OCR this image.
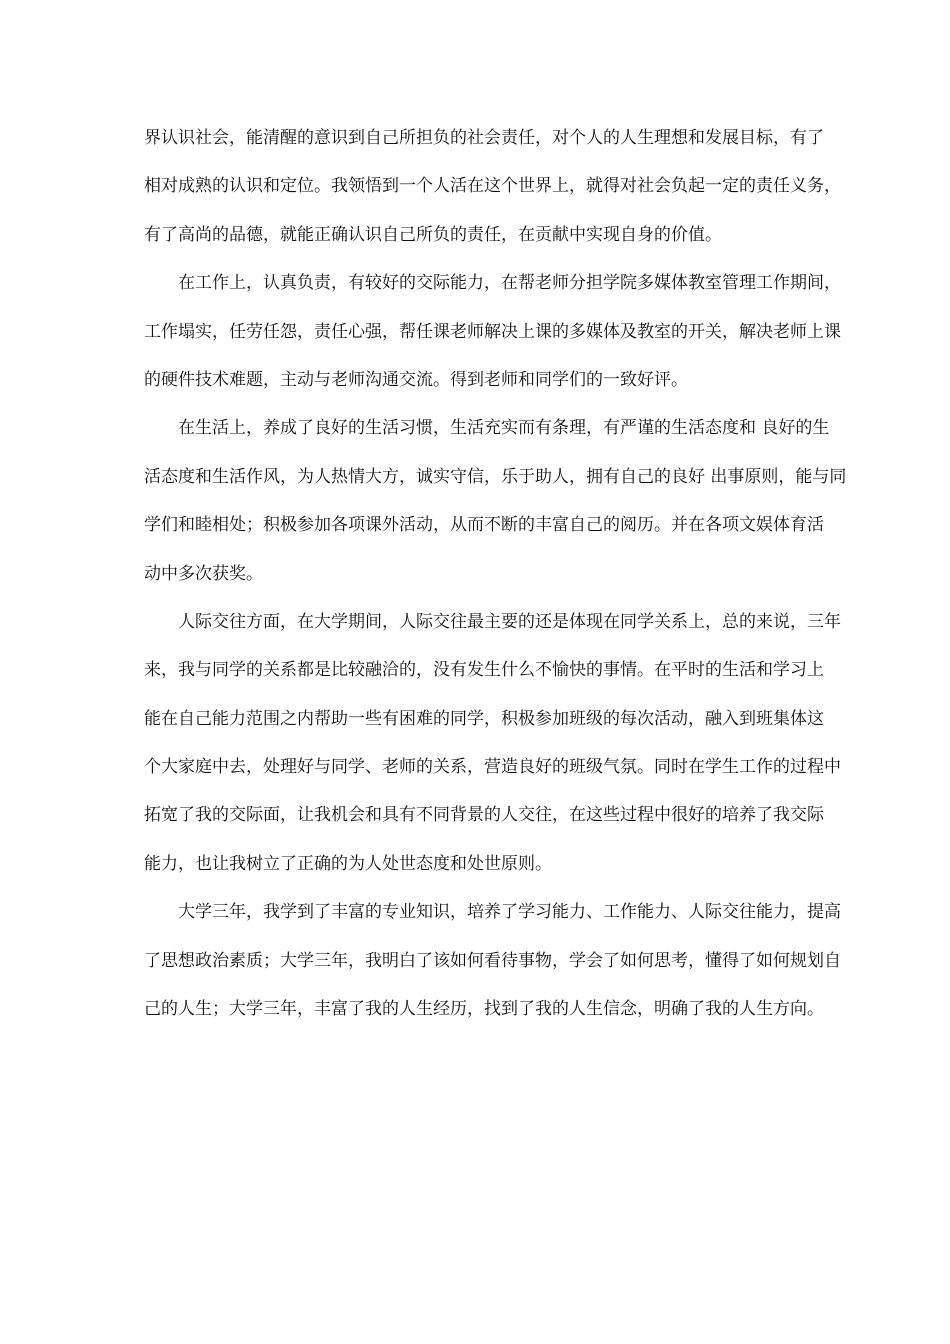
界认识社会，能清醒的意识到自己所担负的社会责任，对个人的人生理想和发展目标，有了
相对成熟的认识和定位。我领悟到一个人活在这个世界上，就得对社会负起一定的责任义务，
有了高尚的品德，就能正确认识自己所负的责任，在贡献中实现自身的价值。
在工作上，认真负责，有较好的交际能力，在帮老师分担学院多媒体教室管理工作期间，
工作塌实，任劳任怨，责任心强，帮任课老师解决上课的多媒体及教室的开关，解决老师上课
的硬件技术难题，主动与老师沟通交流。得到老师和同学们的一致好评。
在生活上，养成了良好的生活习惯，生活充实而有条理，有严谨的生活态度和 良好的生
活态度和生活作风，为人热情大方，诚实守信，乐于助人，拥有自己的良好 出事原则，能与同
学们和睦相处；积极参加各项课外活动，从而不断的丰富自己的阅历。并在各项文娱体育活
动中多次获奖。
人际交往方面，在大学期间，人际交往最主要的还是体现在同学关系上，总的来说，三年
来，我与同学的关系都是比较融洽的，没有发生什么不愉快的事情。在平时的生活和学习上
能在自己能力范围之内帮助一些有困难的同学，积极参加班级的每次活动，融入到班集体这
个大家庭中去，处理好与同学、老师的关系，营造良好的班级气氛。同时在学生工作的过程中
拓宽了我的交际面，让我机会和具有不同背景的人交往，在这些过程中很好的培养了我交际
能力，也让我树立了正确的为人处世态度和处世原则。
大学三年，我学到了丰富的专业知识，培养了学习能力、工作能力、人际交往能力，提高
了思想政治素质；大学三年，我明白了该如何看待事物，学会了如何思考，懂得了如何规划自
己的人生；大学三年，丰富了我的人生经历，找到了我的人生信念，明确了我的人生方向。
